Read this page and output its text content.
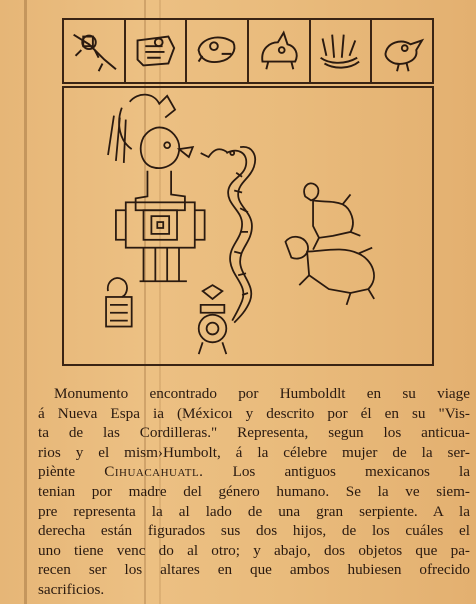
Monumento encontrado por Humboldlt en su viage
á Nueva Espa ia (Méxicoı y descrito por él en su "Vis-
ta de las Cordilleras." Representa, segun los anticua-
rios y el mism›Humbolt, á la célebre mujer de la ser-
piènte Cihuacahuatl. Los antiguos mexicanos la
tenian por madre del género humano. Se la ve siem-
pre representa la al lado de una gran serpiente. A la
derecha están figurados sus dos hijos, de los cuáles el
uno tiene venc do al otro; y abajo, dos objetos que pa-
recen ser los altares en que ambos hubiesen ofrecido
sacrificios.
